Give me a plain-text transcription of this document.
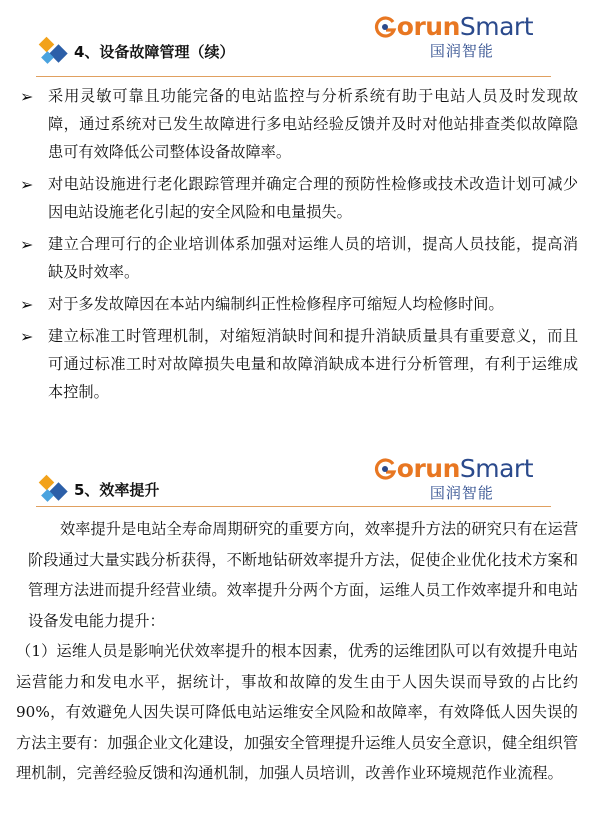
4、设备故障管理（续）
orun Smart
国润智能
➢ 采用灵敏可靠且功能完备的电站监控与分析系统有助于电站人员及时发现故障，通过系统对已发生故障进行多电站经验反馈并及时对他站排查类似故障隐患可有效降低公司整体设备故障率。
➢ 对电站设施进行老化跟踪管理并确定合理的预防性检修或技术改造计划可减少因电站设施老化引起的安全风险和电量损失。
➢ 建立合理可行的企业培训体系加强对运维人员的培训，提高人员技能，提高消缺及时效率。
➢ 对于多发故障因在本站内编制纠正性检修程序可缩短人均检修时间。
➢ 建立标准工时管理机制，对缩短消缺时间和提升消缺质量具有重要意义，而且可通过标准工时对故障损失电量和故障消缺成本进行分析管理，有利于运维成本控制。
5、效率提升
orun Smart
国润智能

效率提升是电站全寿命周期研究的重要方向，效率提升方法的研究只有在运营阶段通过大量实践分析获得，不断地钻研效率提升方法，促使企业优化技术方案和管理方法进而提升经营业绩。效率提升分两个方面，运维人员工作效率提升和电站设备发电能力提升：

（1）运维人员是影响光伏效率提升的根本因素，优秀的运维团队可以有效提升电站运营能力和发电水平，据统计，事故和故障的发生由于人因失误而导致的占比约90%，有效避免人因失误可降低电站运维安全风险和故障率，有效降低人因失误的方法主要有：加强企业文化建设，加强安全管理提升运维人员安全意识，健全组织管理机制，完善经验反馈和沟通机制，加强人员培训，改善作业环境规范作业流程。
